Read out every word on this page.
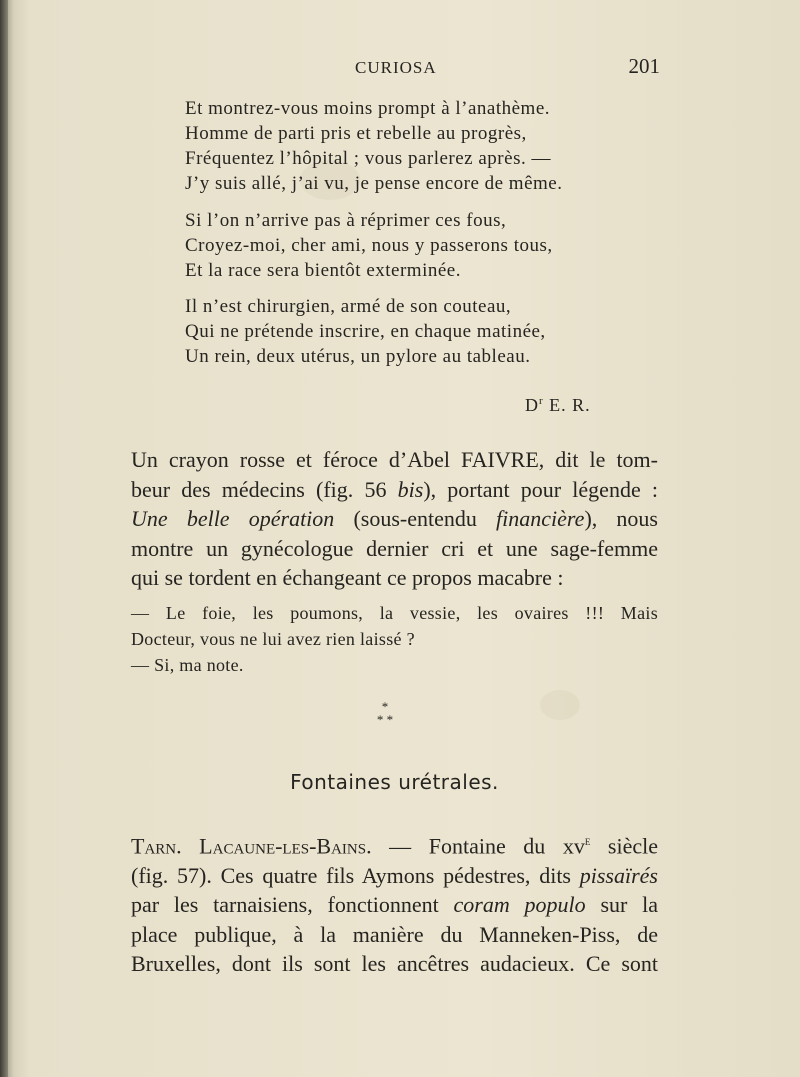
CURIOSA	201
Et montrez-vous moins prompt à l’anathème.
Homme de parti pris et rebelle au progrès,
Fréquentez l’hôpital ; vous parlerez après. —
J’y suis allé, j’ai vu, je pense encore de même.
Si l’on n’arrive pas à réprimer ces fous,
Croyez-moi, cher ami, nous y passerons tous,
Et la race sera bientôt exterminée.
Il n’est chirurgien, armé de son couteau,
Qui ne prétende inscrire, en chaque matinée,
Un rein, deux utérus, un pylore au tableau.
$D^r$ E. R.
Un crayon rosse et féroce d’Abel FAIVRE, dit le tom-
beur des médecins (fig. 56 bis), portant pour légende :
Une belle opération (sous-entendu financière), nous
montre un gynécologue dernier cri et une sage-femme
qui se tordent en échangeant ce propos macabre :
— Le foie, les poumons, la vessie, les ovaires !!! Mais
Docteur, vous ne lui avez rien laissé ?
— Si, ma note.
*
* *
Fontaines urétrales.
Tarn. Lacaune-les-Bains. — Fontaine du $xv^e$ siècle
(fig. 57). Ces quatre fils Aymons pédestres, dits pissaïrés
par les tarnaisiens, fonctionnent coram populo sur la
place publique, à la manière du Manneken-Piss, de
Bruxelles, dont ils sont les ancêtres audacieux. Ce sont
